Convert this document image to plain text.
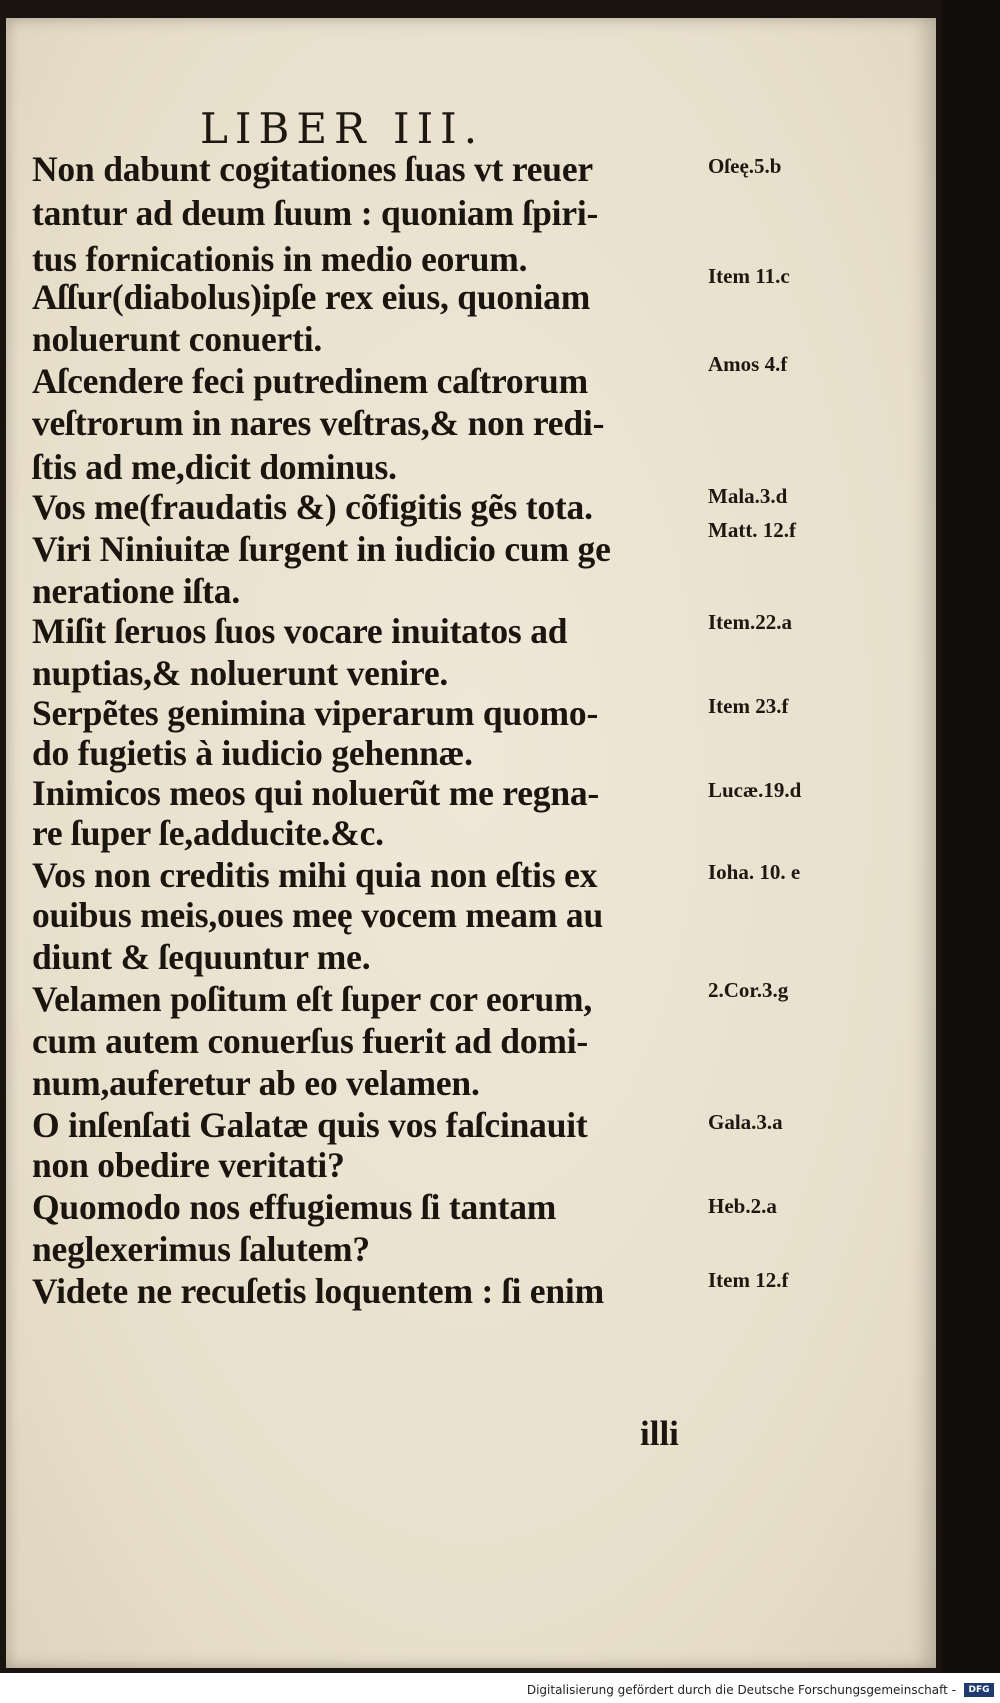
LIBER III.
Non dabunt cogitationes ſuas vt reuer
tantur ad deum ſuum : quoniam ſpiri-
tus fornicationis in medio eorum.
Aſſur(diabolus)ipſe rex eius, quoniam
noluerunt conuerti.
Aſcendere feci putredinem caſtrorum
veſtrorum in nares veſtras,& non redi-
ſtis ad me,dicit dominus.
Vos me(fraudatis &) cõfigitis gẽs tota.
Viri Niniuitæ ſurgent in iudicio cum ge
neratione iſta.
Miſit ſeruos ſuos vocare inuitatos ad
nuptias,& noluerunt venire.
Serpẽtes genimina viperarum quomo-
do fugietis à iudicio gehennæ.
Inimicos meos qui noluerũt me regna-
re ſuper ſe,adducite.&c.
Vos non creditis mihi quia non eſtis ex
ouibus meis,oues meę vocem meam au
diunt & ſequuntur me.
Velamen poſitum eſt ſuper cor eorum,
cum autem conuerſus fuerit ad domi-
num,auferetur ab eo velamen.
O inſenſati Galatæ quis vos faſcinauit
non obedire veritati?
Quomodo nos effugiemus ſi tantam
neglexerimus ſalutem?
Videte ne recuſetis loquentem : ſi enim
Oſeę.5.b
Item 11.c
Amos 4.f
Mala.3.d
Matt. 12.f
Item.22.a
Item 23.f
Lucæ.19.d
Ioha. 10. e
2.Cor.3.g
Gala.3.a
Heb.2.a
Item 12.f
illi
Digitalisierung gefördert durch die Deutsche Forschungsgemeinschaft -	DFG
